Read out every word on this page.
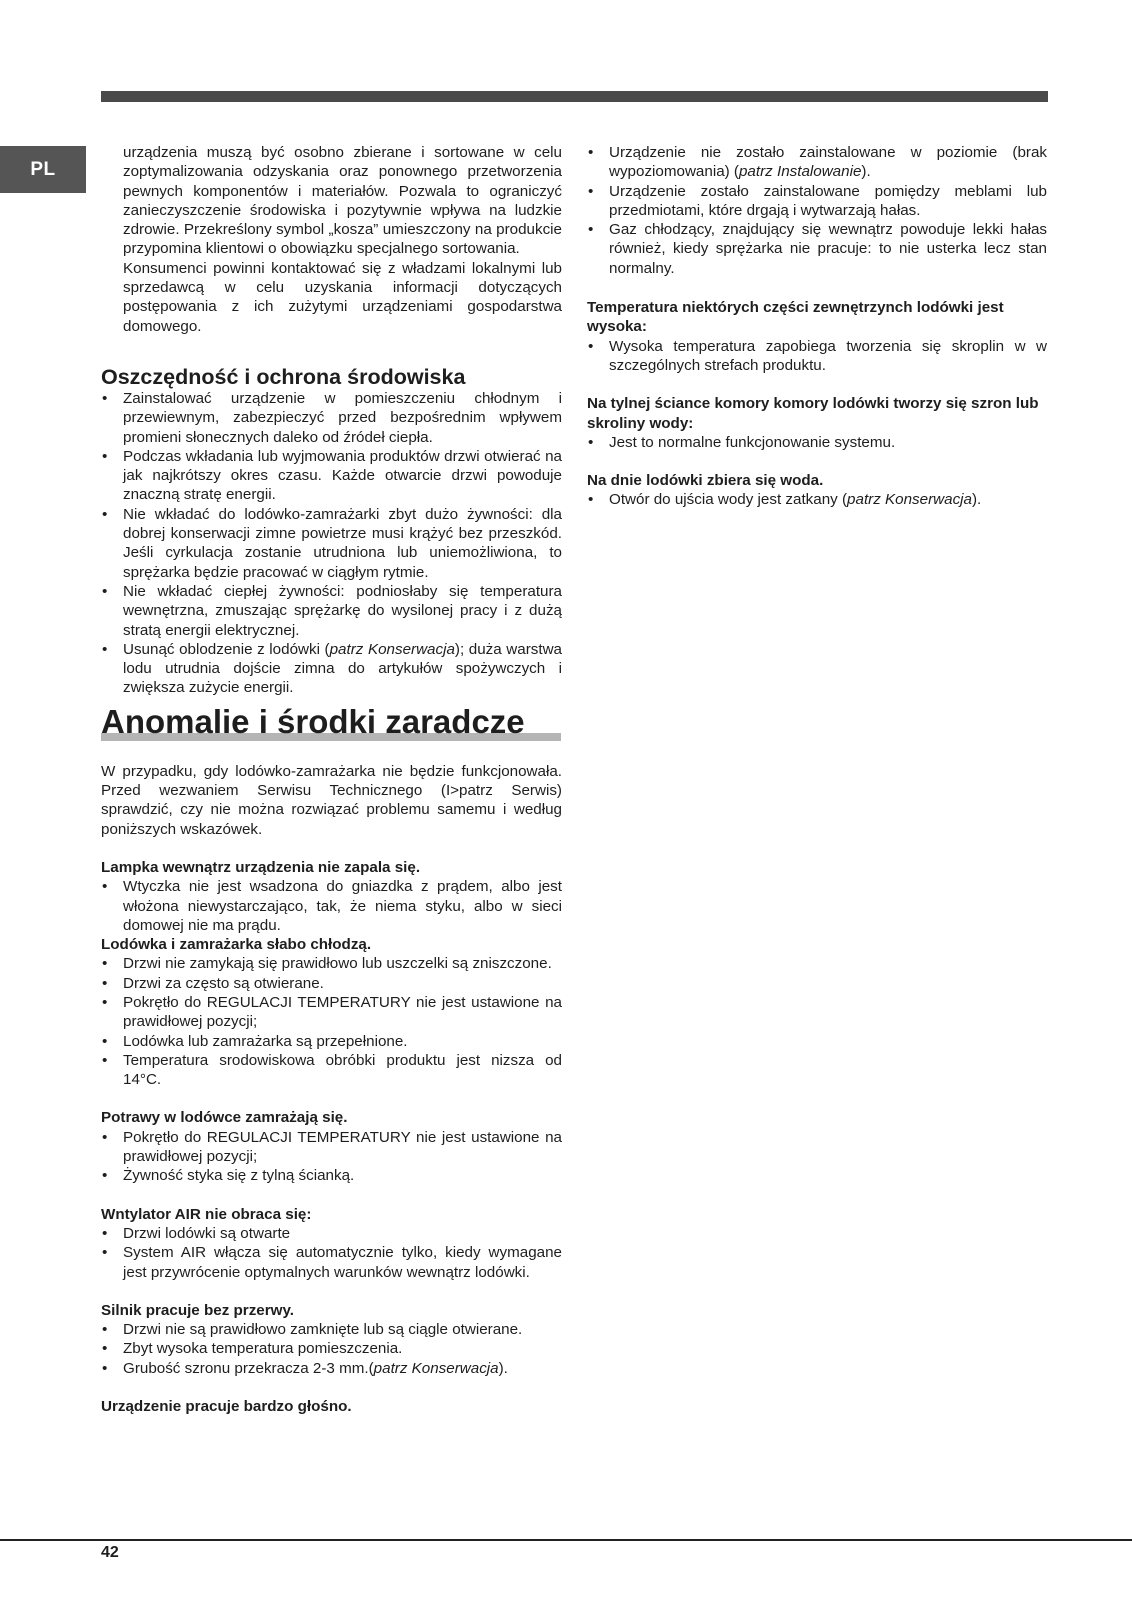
PL

urządzenia muszą być osobno zbierane i sortowane w celu zoptymalizowania odzyskania oraz ponownego przetworzenia pewnych komponentów i materiałów. Pozwala to ograniczyć zanieczyszczenie środowiska i pozytywnie wpływa na ludzkie zdrowie. Przekreślony symbol „kosza” umieszczony na produkcie przypomina klientowi o obowiązku specjalnego sortowania.

Konsumenci powinni kontaktować się z władzami lokalnymi lub sprzedawcą w celu uzyskania informacji dotyczących postępowania z ich zużytymi urządzeniami gospodarstwa domowego.

Oszczędność i ochrona środowiska
• Zainstalować urządzenie w pomieszczeniu chłodnym i przewiewnym, zabezpieczyć przed bezpośrednim wpływem promieni słonecznych daleko od źródeł ciepła.
• Podczas wkładania lub wyjmowania produktów drzwi otwierać na jak najkrótszy okres czasu. Każde otwarcie drzwi powoduje znaczną stratę energii.
• Nie wkładać do lodówko-zamrażarki zbyt dużo żywności: dla dobrej konserwacji zimne powietrze musi krążyć bez przeszkód. Jeśli cyrkulacja zostanie utrudniona lub uniemożliwiona, to sprężarka będzie pracować w ciągłym rytmie.
• Nie wkładać ciepłej żywności: podniosłaby się temperatura wewnętrzna, zmuszając sprężarkę do wysilonej pracy i z dużą stratą energii elektrycznej.
• Usunąć oblodzenie z lodówki (patrz Konserwacja); duża warstwa lodu utrudnia dojście zimna do artykułów spożywczych i zwiększa zużycie energii.
Anomalie i środki zaradcze

W przypadku, gdy lodówko-zamrażarka nie będzie funkcjonowała. Przed wezwaniem Serwisu Technicznego (I>patrz Serwis) sprawdzić, czy nie można rozwiązać problemu samemu i według poniższych wskazówek.

Lampka wewnątrz urządzenia nie zapala się.
• Wtyczka nie jest wsadzona do gniazdka z prądem, albo jest włożona niewystarczająco, tak, że niema styku, albo w sieci domowej nie ma prądu.
Lodówka i zamrażarka słabo chłodzą.
• Drzwi nie zamykają się prawidłowo lub uszczelki są zniszczone.
• Drzwi za często są otwierane.
• Pokrętło do REGULACJI TEMPERATURY nie jest ustawione na prawidłowej pozycji;
• Lodówka lub zamrażarka są przepełnione.
• Temperatura srodowiskowa obróbki produktu jest nizsza od 14°C.
Potrawy w lodówce zamrażają się.
• Pokrętło do REGULACJI TEMPERATURY nie jest ustawione na prawidłowej pozycji;
• Żywność styka się z tylną ścianką.
Wntylator AIR nie obraca się:
• Drzwi lodówki są otwarte
• System AIR włącza się automatycznie tylko, kiedy wymagane jest przywrócenie optymalnych warunków wewnątrz lodówki.
Silnik pracuje bez przerwy.
• Drzwi nie są prawidłowo zamknięte lub są ciągle otwierane.
• Zbyt wysoka temperatura pomieszczenia.
• Grubość szronu przekracza 2-3 mm.(patrz Konserwacja).
Urządzenie pracuje bardzo głośno.
• Urządzenie nie zostało zainstalowane w poziomie (brak wypoziomowania) (patrz Instalowanie).
• Urządzenie zostało zainstalowane pomiędzy meblami lub przedmiotami, które drgają i wytwarzają hałas.
• Gaz chłodzący, znajdujący się wewnątrz powoduje lekki hałas również, kiedy sprężarka nie pracuje: to nie usterka lecz stan normalny.
Temperatura niektórych części zewnętrzynch lodówki jest wysoka:
• Wysoka temperatura zapobiega tworzenia się skroplin w w szczególnych strefach produktu.
Na tylnej ściance komory komory lodówki tworzy się szron lub skroliny wody:
• Jest to normalne funkcjonowanie systemu.
Na dnie lodówki zbiera się woda.
• Otwór do ujścia wody jest zatkany (patrz Konserwacja).
42
